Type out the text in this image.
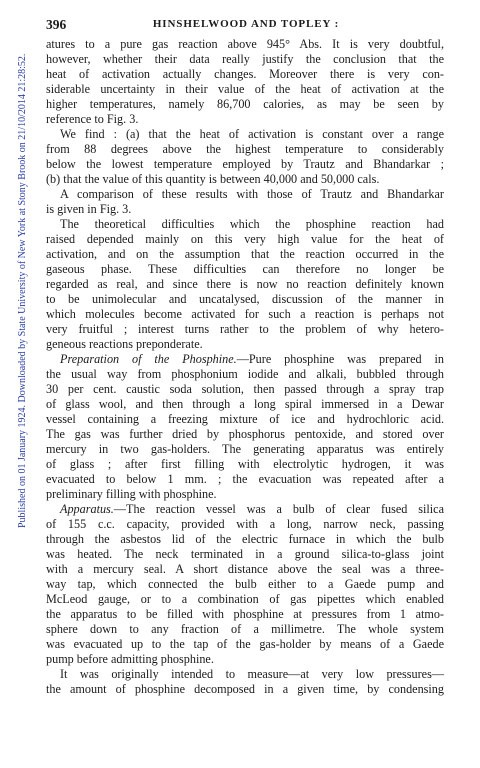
Published on 01 January 1924. Downloaded by State University of New York at Stony Brook on 21/10/2014 21:28:52.
396	HINSHELWOOD AND TOPLEY :
atures to a pure gas reaction above 945° Abs. It is very doubtful,
however, whether their data really justify the conclusion that the
heat of activation actually changes. Moreover there is very con-
siderable uncertainty in their value of the heat of activation at the
higher temperatures, namely 86,700 calories, as may be seen by
reference to Fig. 3.
We find : (a) that the heat of activation is constant over a range
from 88 degrees above the highest temperature to considerably
below the lowest temperature employed by Trautz and Bhandarkar ;
(b) that the value of this quantity is between 40,000 and 50,000 cals.
A comparison of these results with those of Trautz and Bhandarkar
is given in Fig. 3.
The theoretical difficulties which the phosphine reaction had
raised depended mainly on this very high value for the heat of
activation, and on the assumption that the reaction occurred in the
gaseous phase. These difficulties can therefore no longer be
regarded as real, and since there is now no reaction definitely known
to be unimolecular and uncatalysed, discussion of the manner in
which molecules become activated for such a reaction is perhaps not
very fruitful ; interest turns rather to the problem of why hetero-
geneous reactions preponderate.
Preparation of the Phosphine.—Pure phosphine was prepared in
the usual way from phosphonium iodide and alkali, bubbled through
30 per cent. caustic soda solution, then passed through a spray trap
of glass wool, and then through a long spiral immersed in a Dewar
vessel containing a freezing mixture of ice and hydrochloric acid.
The gas was further dried by phosphorus pentoxide, and stored over
mercury in two gas-holders. The generating apparatus was entirely
of glass ; after first filling with electrolytic hydrogen, it was
evacuated to below 1 mm. ; the evacuation was repeated after a
preliminary filling with phosphine.
Apparatus.—The reaction vessel was a bulb of clear fused silica
of 155 c.c. capacity, provided with a long, narrow neck, passing
through the asbestos lid of the electric furnace in which the bulb
was heated. The neck terminated in a ground silica-to-glass joint
with a mercury seal. A short distance above the seal was a three-
way tap, which connected the bulb either to a Gaede pump and
McLeod gauge, or to a combination of gas pipettes which enabled
the apparatus to be filled with phosphine at pressures from 1 atmo-
sphere down to any fraction of a millimetre. The whole system
was evacuated up to the tap of the gas-holder by means of a Gaede
pump before admitting phosphine.
It was originally intended to measure—at very low pressures—
the amount of phosphine decomposed in a given time, by condensing
